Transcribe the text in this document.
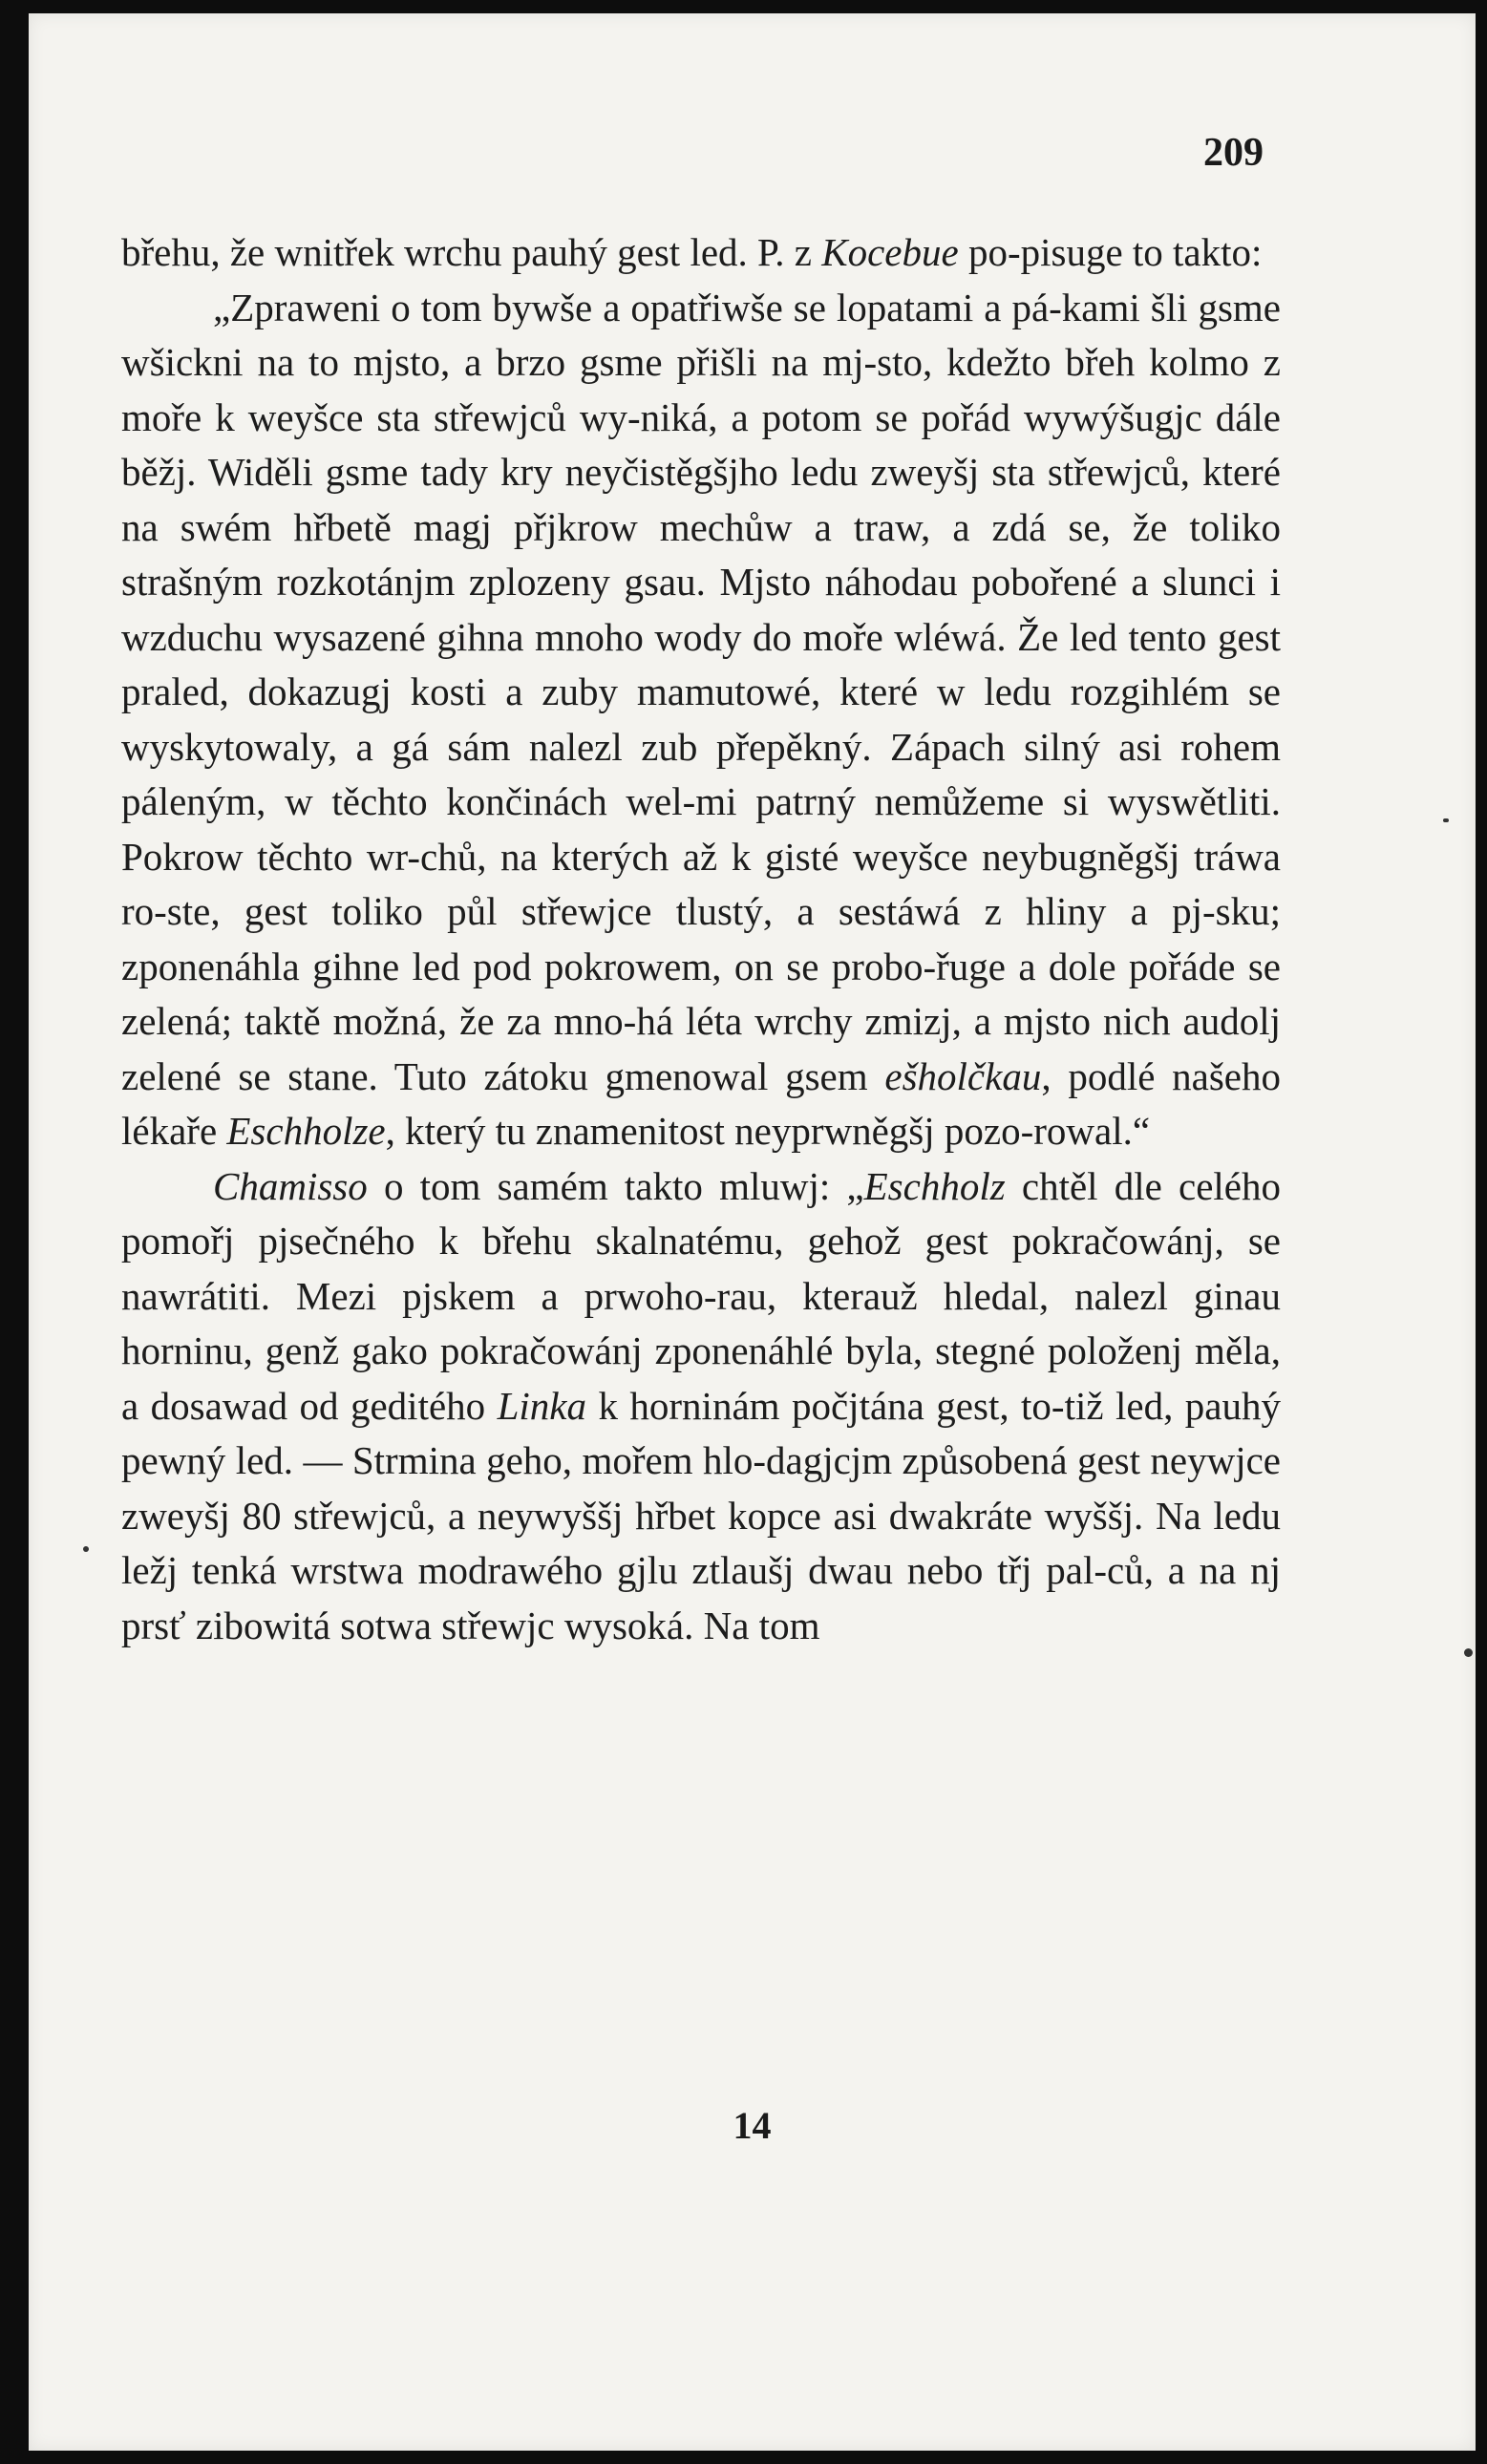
209

břehu, že wnitřek wrchu pauhý gest led. P. z Kocebue po-pisuge to takto:

„Zpraweni o tom bywše a opatřiwše se lopatami a pá-kami šli gsme wšickni na to mjsto, a brzo gsme přišli na mj-sto, kdežto břeh kolmo z moře k weyšce sta střewjců wy-niká, a potom se pořád wywýšugjc dále běžj. Widěli gsme tady kry neyčistěgšjho ledu zweyšj sta střewjců, které na swém hřbetě magj přjkrow mechůw a traw, a zdá se, že toliko strašným rozkotánjm zplozeny gsau. Mjsto náhodau pobořené a slunci i wzduchu wysazené gihna mnoho wody do moře wléwá. Že led tento gest praled, dokazugj kosti a zuby mamutowé, které w ledu rozgihlém se wyskytowaly, a gá sám nalezl zub přepěkný. Zápach silný asi rohem páleným, w těchto končinách wel-mi patrný nemůžeme si wyswětliti. Pokrow těchto wr-chů, na kterých až k gisté weyšce neybugněgšj tráwa ro-ste, gest toliko půl střewjce tlustý, a sestáwá z hliny a pj-sku; zponenáhla gihne led pod pokrowem, on se probo-řuge a dole pořáde se zelená; taktě možná, že za mno-há léta wrchy zmizj, a mjsto nich audolj zelené se stane. Tuto zátoku gmenowal gsem ešholčkau, podlé našeho lékaře Eschholze, který tu znamenitost neyprwněgšj pozo-rowal.“

Chamisso o tom samém takto mluwj: „Eschholz chtěl dle celého pomořj pjsečného k břehu skalnatému, gehož gest pokračowánj, se nawrátiti. Mezi pjskem a prwoho-rau, kterauž hledal, nalezl ginau horninu, genž gako pokračowánj zponenáhlé byla, stegné položenj měla, a dosawad od geditého Linka k horninám počjtána gest, to-tiž led, pauhý pewný led. — Strmina geho, mořem hlo-dagjcjm způsobená gest neywjce zweyšj 80 střewjců, a neywyššj hřbet kopce asi dwakráte wyššj. Na ledu ležj tenká wrstwa modrawého gjlu ztlaušj dwau nebo třj pal-ců, a na nj prsť zibowitá sotwa střewjc wysoká. Na tom

14
